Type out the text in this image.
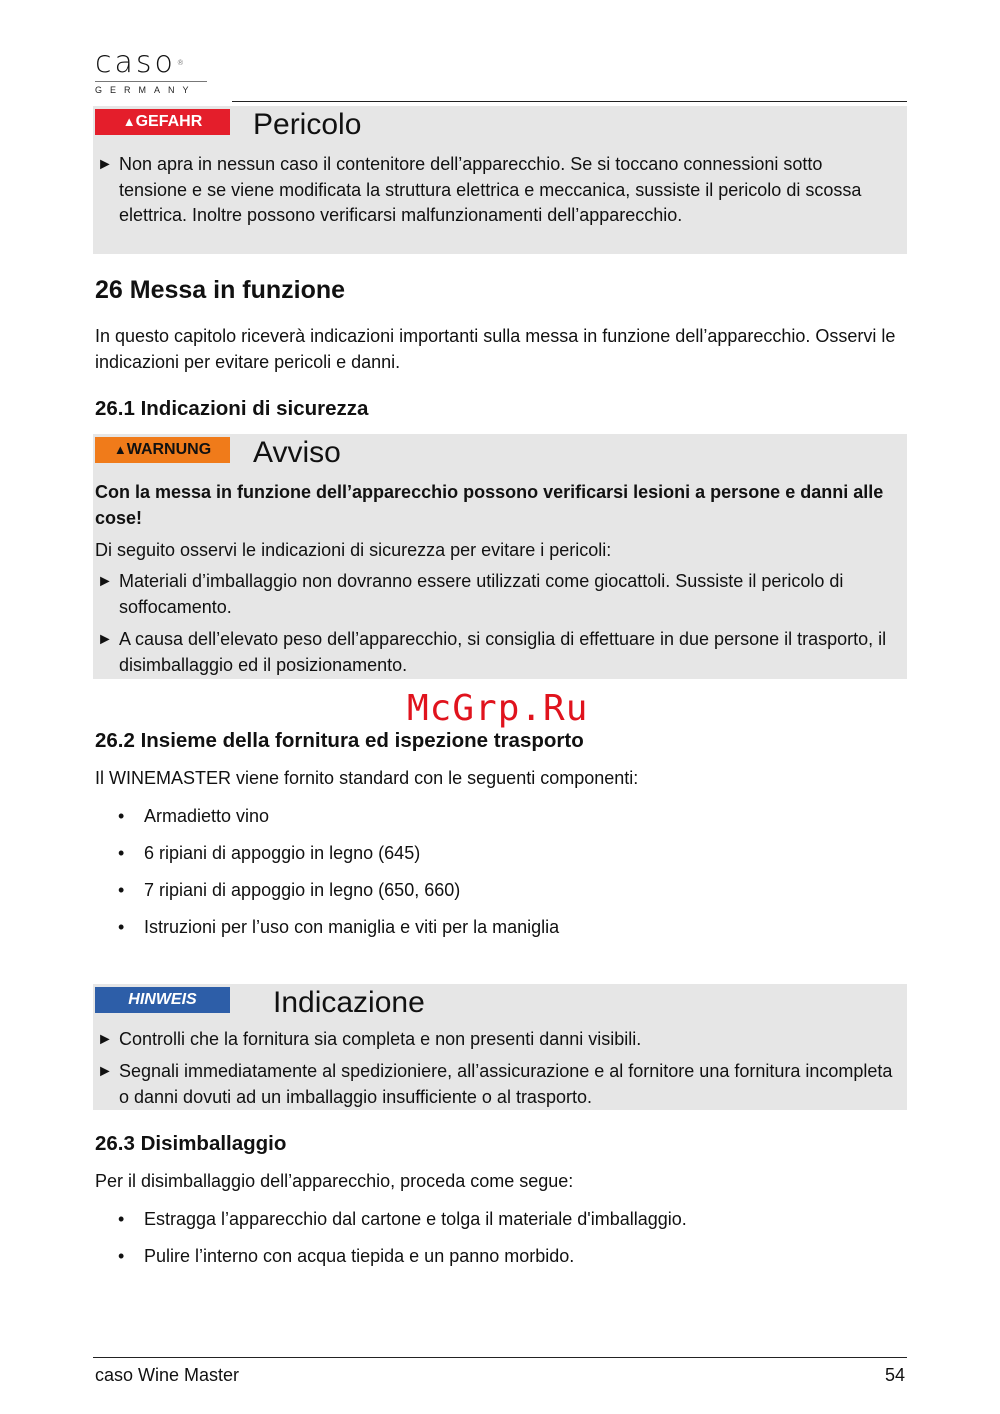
caso®
GERMANY
▲GEFAHR	Pericolo
► Non apra in nessun caso il contenitore dell’apparecchio. Se si toccano connessioni sotto tensione e se viene modificata la struttura elettrica e meccanica, sussiste il pericolo di scossa elettrica. Inoltre possono verificarsi malfunzionamenti dell’apparecchio.
26 Messa in funzione
In questo capitolo riceverà indicazioni importanti sulla messa in funzione dell’apparecchio. Osservi le indicazioni per evitare pericoli e danni.
26.1 Indicazioni di sicurezza
▲WARNUNG	Avviso
Con la messa in funzione dell’apparecchio possono verificarsi lesioni a persone e danni alle cose!
Di seguito osservi le indicazioni di sicurezza per evitare i pericoli:
► Materiali d’imballaggio non dovranno essere utilizzati come giocattoli. Sussiste il pericolo di soffocamento.
► A causa dell’elevato peso dell’apparecchio, si consiglia di effettuare in due persone il trasporto, il disimballaggio ed il posizionamento.
McGrp.Ru
26.2 Insieme della fornitura ed ispezione trasporto
Il WINEMASTER viene fornito standard con le seguenti componenti:
• Armadietto vino
• 6 ripiani di appoggio in legno (645)
• 7 ripiani di appoggio in legno (650, 660)
• Istruzioni per l’uso con maniglia e viti per la maniglia
HINWEIS	Indicazione
► Controlli che la fornitura sia completa e non presenti danni visibili.
► Segnali immediatamente al spedizioniere, all’assicurazione e al fornitore una fornitura incompleta o danni dovuti ad un imballaggio insufficiente o al trasporto.
26.3 Disimballaggio
Per il disimballaggio dell’apparecchio, proceda come segue:
• Estragga l’apparecchio dal cartone e tolga il materiale d'imballaggio.
• Pulire l’interno con acqua tiepida e un panno morbido.
caso Wine Master	54
